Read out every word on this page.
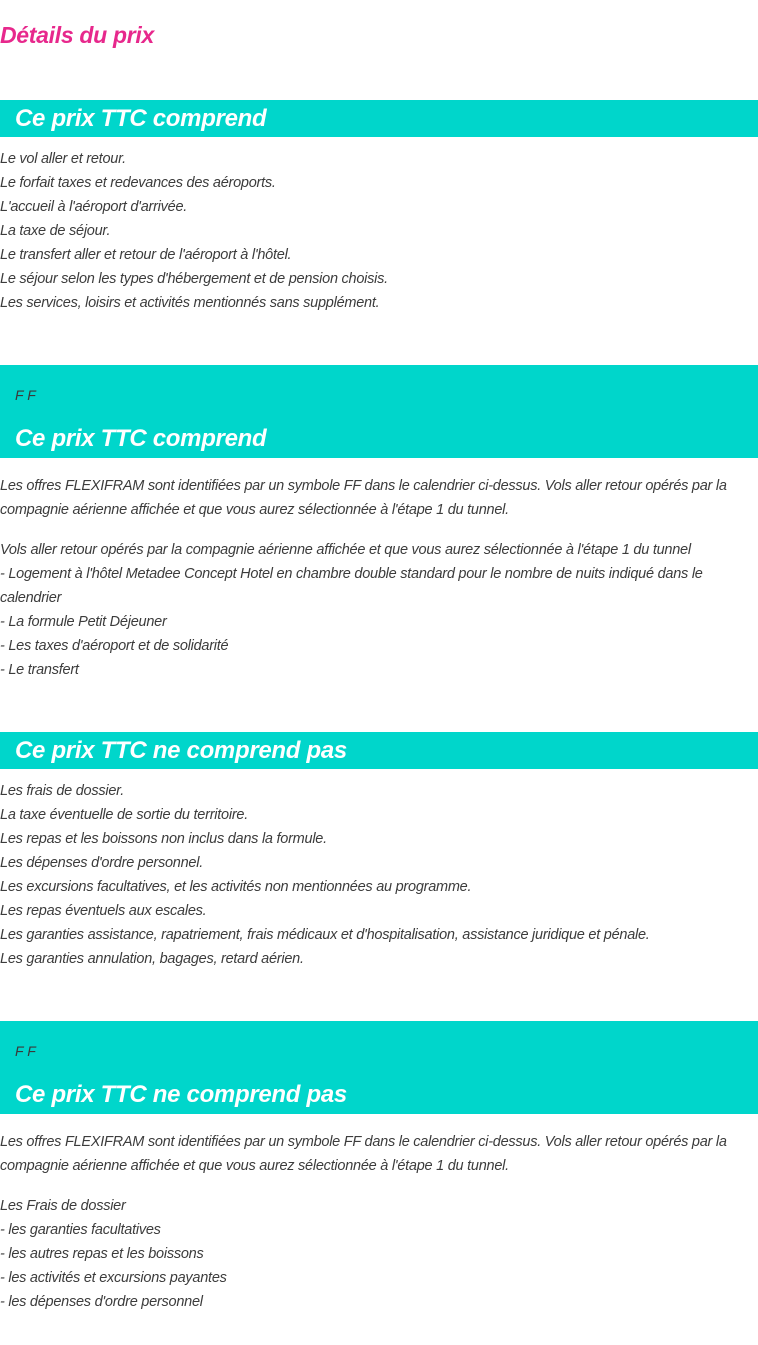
Détails du prix
Ce prix TTC comprend
Le vol aller et retour.
Le forfait taxes et redevances des aéroports.
L'accueil à l'aéroport d'arrivée.
La taxe de séjour.
Le transfert aller et retour de l'aéroport à l'hôtel.
Le séjour selon les types d'hébergement et de pension choisis.
Les services, loisirs et activités mentionnés sans supplément.
F F
Ce prix TTC comprend

Les offres FLEXIFRAM sont identifiées par un symbole FF dans le calendrier ci-dessus. Vols aller retour opérés par la
compagnie aérienne affichée et que vous aurez sélectionnée à l'étape 1 du tunnel.

Vols aller retour opérés par la compagnie aérienne affichée et que vous aurez sélectionnée à l'étape 1 du tunnel
- Logement à l'hôtel Metadee Concept Hotel en chambre double standard pour le nombre de nuits indiqué dans le
calendrier
- La formule Petit Déjeuner
- Les taxes d'aéroport et de solidarité
- Le transfert
Ce prix TTC ne comprend pas
Les frais de dossier.
La taxe éventuelle de sortie du territoire.
Les repas et les boissons non inclus dans la formule.
Les dépenses d'ordre personnel.
Les excursions facultatives, et les activités non mentionnées au programme.
Les repas éventuels aux escales.
Les garanties assistance, rapatriement, frais médicaux et d'hospitalisation, assistance juridique et pénale.
Les garanties annulation, bagages, retard aérien.
F F
Ce prix TTC ne comprend pas

Les offres FLEXIFRAM sont identifiées par un symbole FF dans le calendrier ci-dessus. Vols aller retour opérés par la
compagnie aérienne affichée et que vous aurez sélectionnée à l'étape 1 du tunnel.

Les Frais de dossier
- les garanties facultatives
- les autres repas et les boissons
- les activités et excursions payantes
- les dépenses d'ordre personnel
